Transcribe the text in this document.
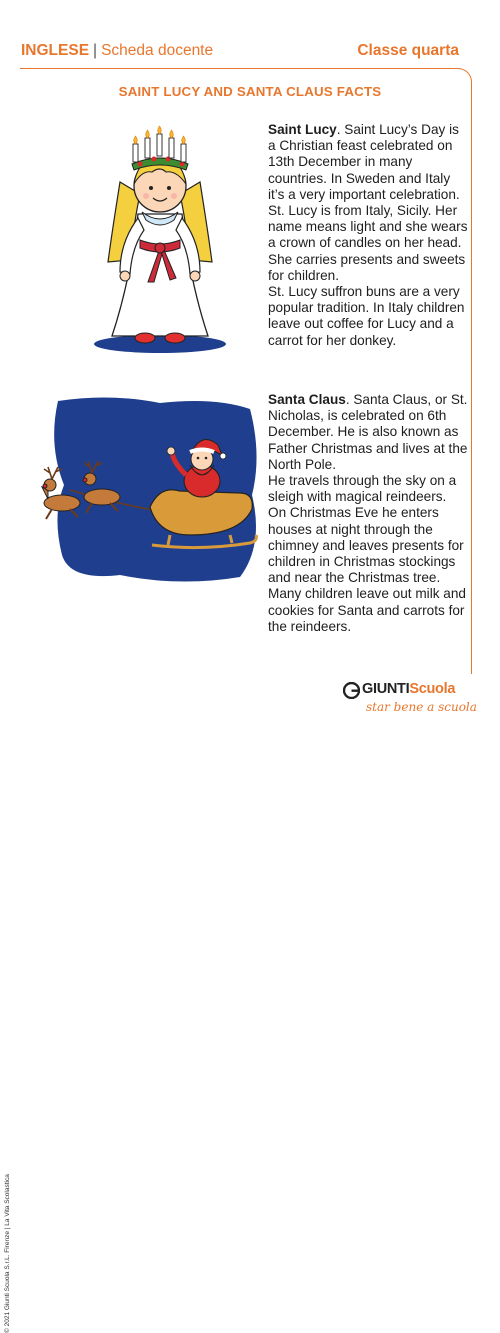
INGLESE | Scheda docente	Classe quarta
SAINT LUCY AND SANTA CLAUS FACTS

Saint Lucy. Saint Lucy’s Day is a Christian feast celebrated on 13th December in many countries. In Sweden and Italy it’s a very important celebration. St. Lucy is from Italy, Sicily. Her name means light and she wears a crown of candles on her head. She carries presents and sweets for children.

St. Lucy suffron buns are a very popular tradition. In Italy children leave out coffee for Lucy and a carrot for her donkey.

Santa Claus. Santa Claus, or St. Nicholas, is celebrated on 6th December. He is also known as Father Christmas and lives at the North Pole.

He travels through the sky on a sleigh with magical reindeers. On Christmas Eve he enters houses at night through the chimney and leaves presents for children in Christmas stockings and near the Christmas tree.

Many children leave out milk and cookies for Santa and carrots for the reindeers.

© 2021 Giunti Scuola S.r.L. Firenze | La Vita Scolastica
GIUNTIScuola
star bene a scuola
